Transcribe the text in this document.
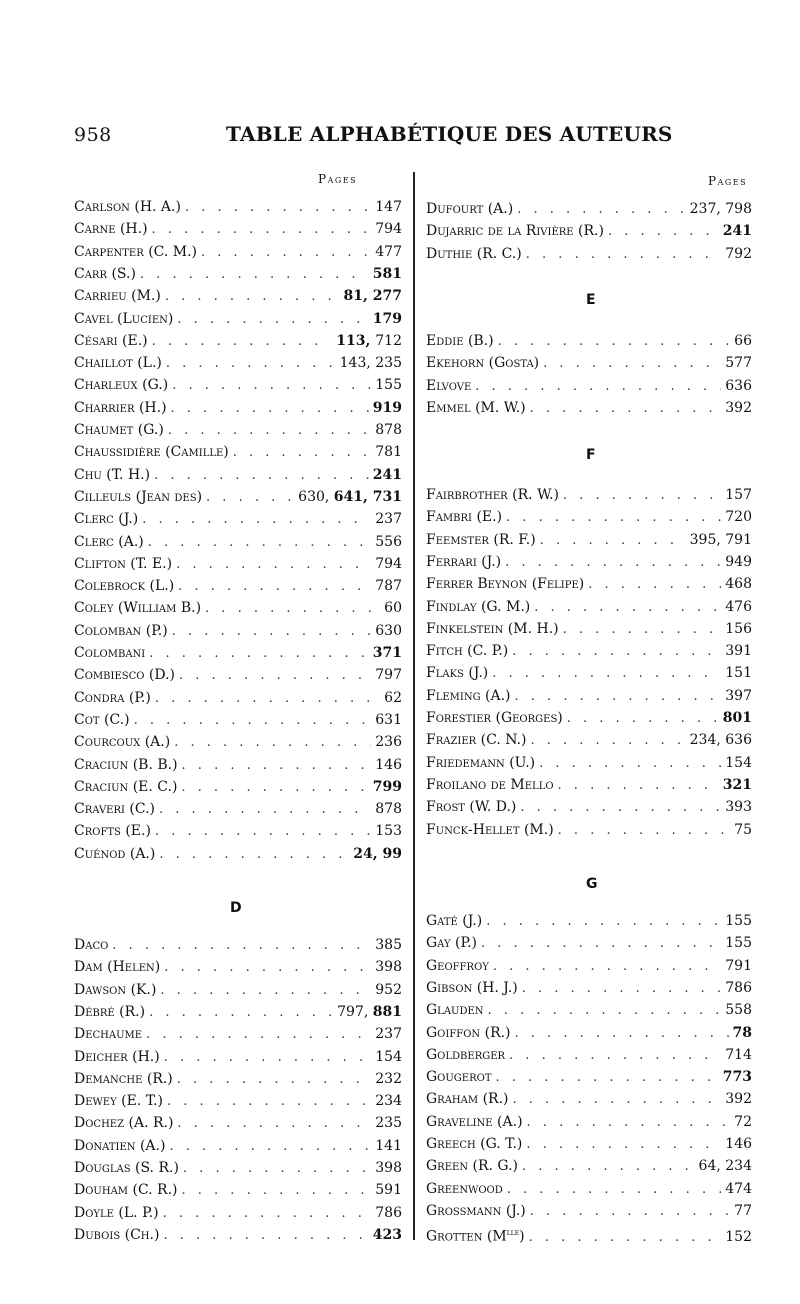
958	TABLE ALPHABÉTIQUE DES AUTEURS
Pages	Pages
D
Carlson (H. A.) . . .	147
Carne (H.) . . .	794
Carpenter (C. M.) . . .	477
Carr (S.) . . .	581
Carrieu (M.) . . .	81, 277
Cavel (Lucien) . . .	179
Césari (E.) . . .	113, 712
Chaillot (L.) . . .	143, 235
Charleux (G.) . . .	155
Charrier (H.) . . .	919
Chaumet (G.) . . .	878
Chaussidière (Camille) . . .	781
Chu (T. H.) . . .	241
Cilleuls (Jean des) . . .	630, 641, 731
Clerc (J.) . . .	237
Clerc (A.) . . .	556
Clifton (T. E.) . . .	794
Colebrock (L.) . . .	787
Coley (William B.) . . .	60
Colomban (P.) . . .	630
Colombani . . .	371
Combiesco (D.) . . .	797
Condra (P.) . . .	62
Cot (C.) . . .	631
Courcoux (A.) . . .	236
Craciun (B. B.) . . .	146
Craciun (E. C.) . . .	799
Craveri (C.) . . .	878
Crofts (E.) . . .	153
Cuénod (A.) . . .	24, 99
Daco . . .	385
Dam (Helen) . . .	398
Dawson (K.) . . .	952
Débré (R.) . . .	797, 881
Dechaume . . .	237
Deicher (H.) . . .	154
Demanche (R.) . . .	232
Dewey (E. T.) . . .	234
Dochez (A. R.) . . .	235
Donatien (A.) . . .	141
Douglas (S. R.) . . .	398
Douham (C. R.) . . .	591
Doyle (L. P.) . . .	786
Dubois (Ch.) . . .	423
E
F
G
Dufourt (A.) . . .	237, 798
Dujarric de la Rivière (R.) . . .	241
Duthie (R. C.) . . .	792
Eddie (B.) . . .	66
Ekehorn (Gosta) . . .	577
Elvove . . .	636
Emmel (M. W.) . . .	392
Fairbrother (R. W.) . . .	157
Fambri (E.) . . .	720
Feemster (R. F.) . . .	395, 791
Ferrari (J.) . . .	949
Ferrer Beynon (Felipe) . . .	468
Findlay (G. M.) . . .	476
Finkelstein (M. H.) . . .	156
Fitch (C. P.) . . .	391
Flaks (J.) . . .	151
Fleming (A.) . . .	397
Forestier (Georges) . . .	801
Frazier (C. N.) . . .	234, 636
Friedemann (U.) . . .	154
Froilano de Mello . . .	321
Frost (W. D.) . . .	393
Funck-Hellet (M.) . . .	75
Gaté (J.) . . .	155
Gay (P.) . . .	155
Geoffroy . . .	791
Gibson (H. J.) . . .	786
Glauden . . .	558
Goiffon (R.) . . .	78
Goldberger . . .	714
Gougerot . . .	773
Graham (R.) . . .	392
Graveline (A.) . . .	72
Greech (G. T.) . . .	146
Green (R. G.) . . .	64, 234
Greenwood . . .	474
Grossmann (J.) . . .	77
Grotten $(M^{lle})$ . . .	152
